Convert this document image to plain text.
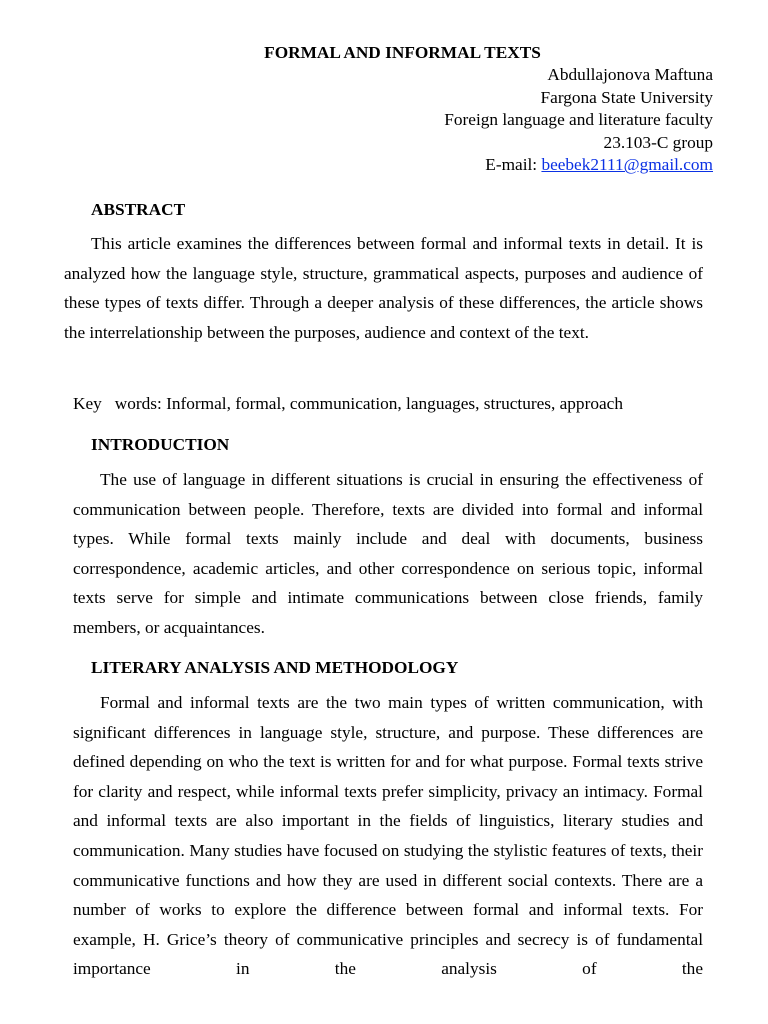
FORMAL AND INFORMAL TEXTS
Abdullajonova Maftuna
Fargona State University
Foreign language and literature faculty
23.103-C group
E-mail: beebek2111@gmail.com
ABSTRACT

This article examines the differences between formal and informal texts in detail. It is analyzed how the language style, structure, grammatical aspects, purposes and audience of these types of texts differ. Through a deeper analysis of these differences, the article shows the interrelationship between the purposes, audience and context of the text.

Key   words: Informal, formal, communication, languages, structures, approach

INTRODUCTION

The use of language in different situations is crucial in ensuring the effectiveness of communication between people. Therefore, texts are divided into formal and informal types. While formal texts mainly include and deal with documents, business correspondence, academic articles, and other correspondence on serious topic, informal texts serve for simple and intimate communications between close friends, family members, or acquaintances.

LITERARY ANALYSIS AND METHODOLOGY

Formal and informal texts are the two main types of written communication, with significant differences in language style, structure, and purpose. These differences are defined depending on who the text is written for and for what purpose. Formal texts strive for clarity and respect, while informal texts prefer simplicity, privacy an intimacy. Formal and informal texts are also important in the fields of linguistics, literary studies and communication. Many studies have focused on studying the stylistic features of texts, their communicative functions and how they are used in different social contexts. There are a number of works to explore the difference between formal and informal texts. For example, H. Grice’s theory of communicative principles and secrecy is of fundamental importance in the analysis of the
